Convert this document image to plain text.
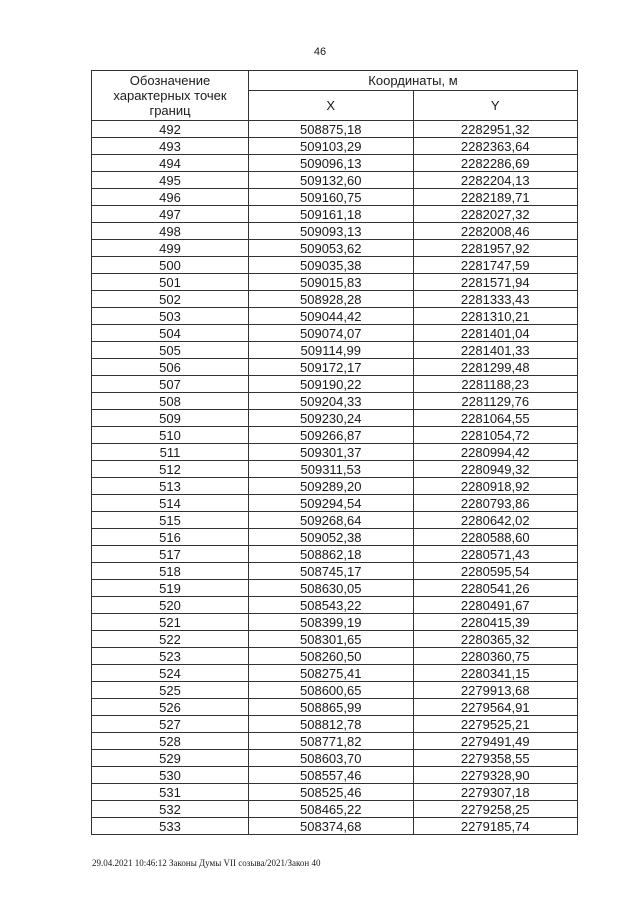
46
Обозначение характерных точек границ	Координаты, м	
	X	Y
492	508875,18	2282951,32
493	509103,29	2282363,64
494	509096,13	2282286,69
495	509132,60	2282204,13
496	509160,75	2282189,71
497	509161,18	2282027,32
498	509093,13	2282008,46
499	509053,62	2281957,92
500	509035,38	2281747,59
501	509015,83	2281571,94
502	508928,28	2281333,43
503	509044,42	2281310,21
504	509074,07	2281401,04
505	509114,99	2281401,33
506	509172,17	2281299,48
507	509190,22	2281188,23
508	509204,33	2281129,76
509	509230,24	2281064,55
510	509266,87	2281054,72
511	509301,37	2280994,42
512	509311,53	2280949,32
513	509289,20	2280918,92
514	509294,54	2280793,86
515	509268,64	2280642,02
516	509052,38	2280588,60
517	508862,18	2280571,43
518	508745,17	2280595,54
519	508630,05	2280541,26
520	508543,22	2280491,67
521	508399,19	2280415,39
522	508301,65	2280365,32
523	508260,50	2280360,75
524	508275,41	2280341,15
525	508600,65	2279913,68
526	508865,99	2279564,91
527	508812,78	2279525,21
528	508771,82	2279491,49
529	508603,70	2279358,55
530	508557,46	2279328,90
531	508525,46	2279307,18
532	508465,22	2279258,25
533	508374,68	2279185,74
29.04.2021 10:46:12 Законы Думы VII созыва/2021/Закон 40
